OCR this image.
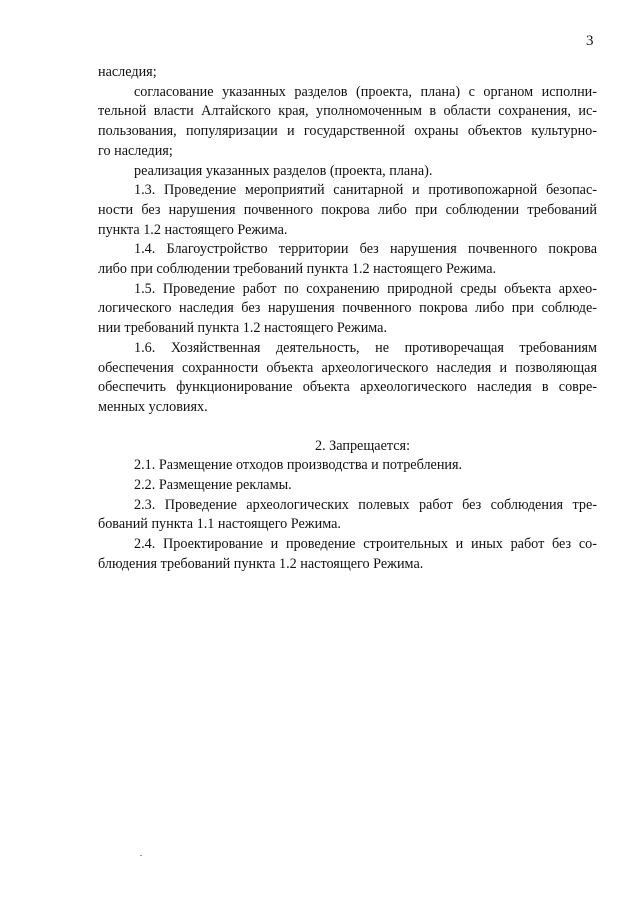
3

наследия;

согласование указанных разделов (проекта, плана) с органом исполни-
тельной власти Алтайского края, уполномоченным в области сохранения, ис-
пользования, популяризации и государственной охраны объектов культурно-
го наследия;

реализация указанных разделов (проекта, плана).

1.3. Проведение мероприятий санитарной и противопожарной безопас-
ности без нарушения почвенного покрова либо при соблюдении требований
пункта 1.2 настоящего Режима.

1.4. Благоустройство территории без нарушения почвенного покрова
либо при соблюдении требований пункта 1.2 настоящего Режима.

1.5. Проведение работ по сохранению природной среды объекта архео-
логического наследия без нарушения почвенного покрова либо при соблюде-
нии требований пункта 1.2 настоящего Режима.

1.6. Хозяйственная деятельность, не противоречащая требованиям
обеспечения сохранности объекта археологического наследия и позволяющая
обеспечить функционирование объекта археологического наследия в совре-
менных условиях.

2. Запрещается:

2.1. Размещение отходов производства и потребления.

2.2. Размещение рекламы.

2.3. Проведение археологических полевых работ без соблюдения тре-
бований пункта 1.1 настоящего Режима.

2.4. Проектирование и проведение строительных и иных работ без со-
блюдения требований пункта 1.2 настоящего Режима.
